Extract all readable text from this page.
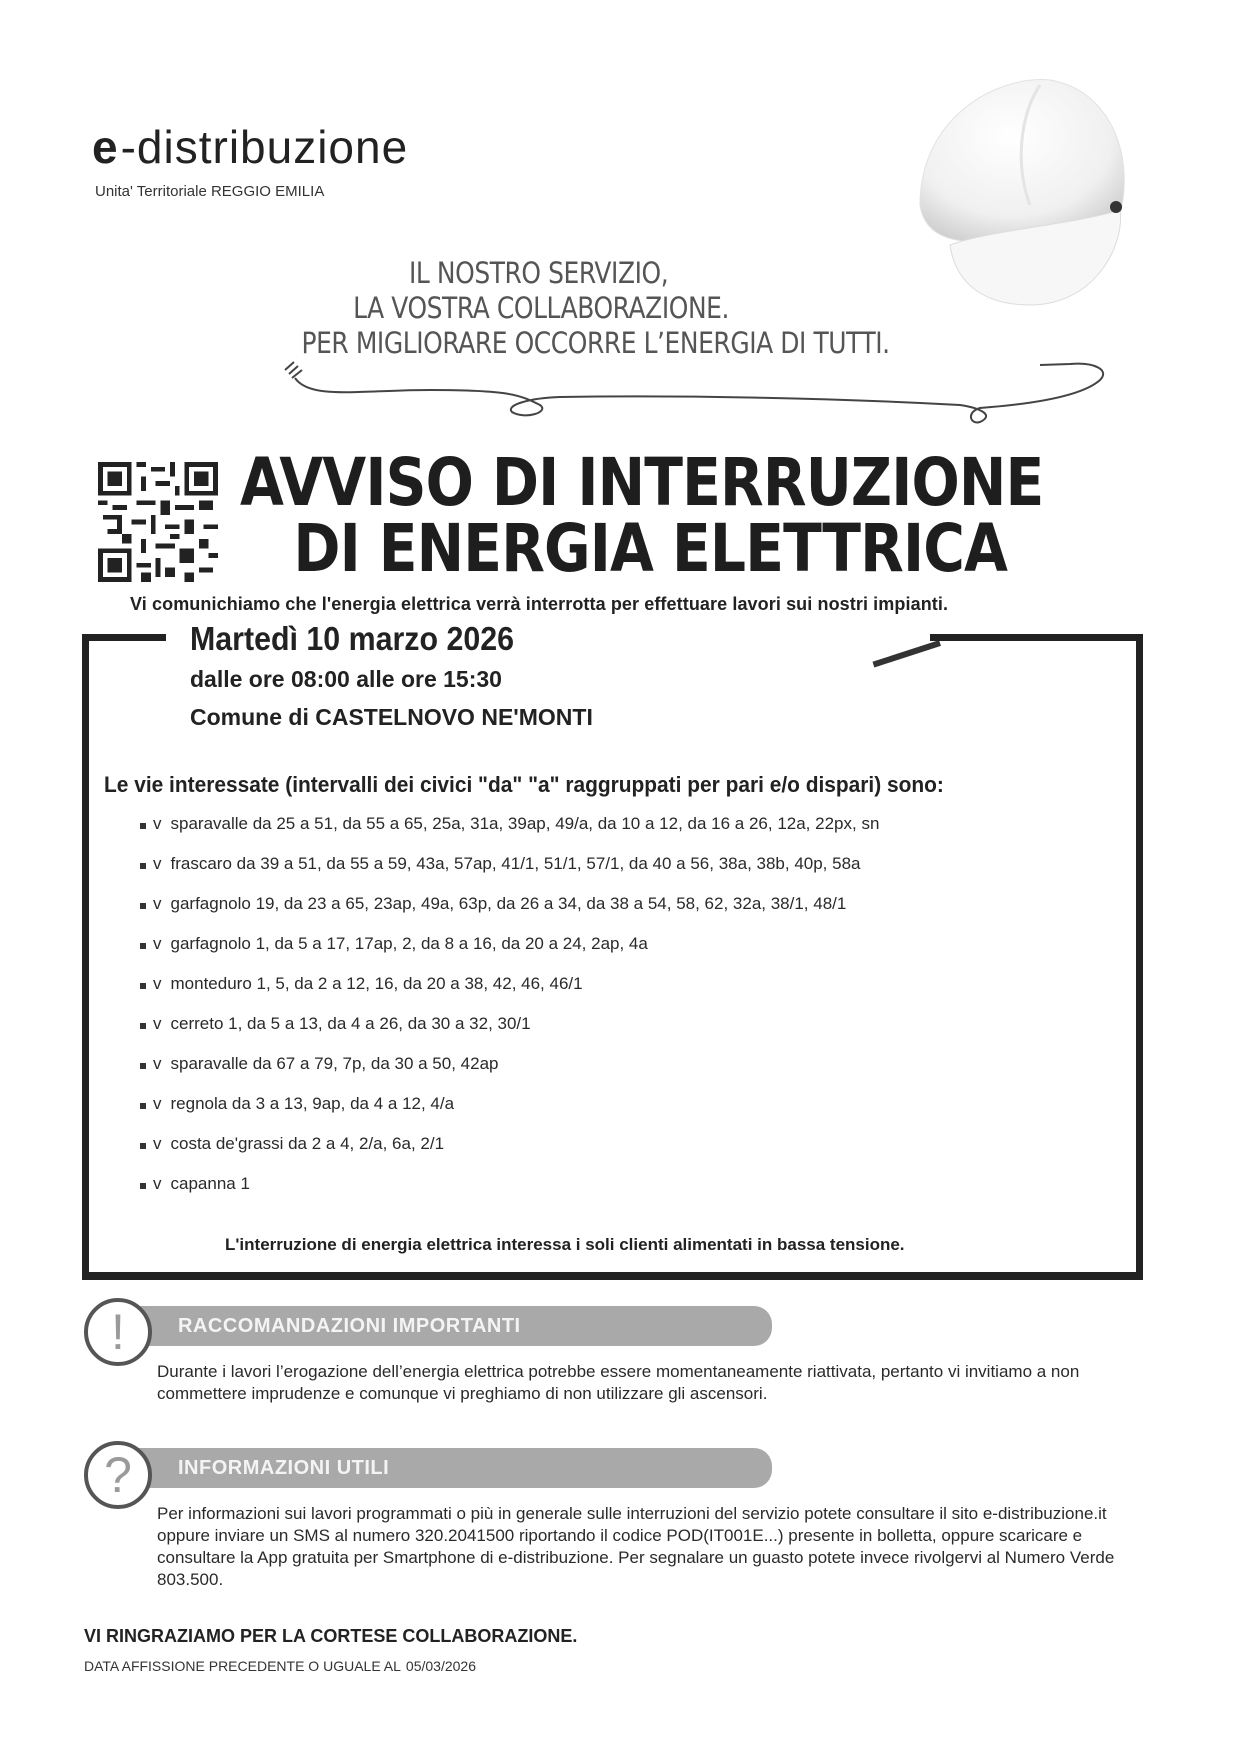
e -distribuzione
Unita' Territoriale REGGIO EMILIA
IL NOSTRO SERVIZIO,
LA VOSTRA COLLABORAZIONE.
PER MIGLIORARE OCCORRE L’ENERGIA DI TUTTI.
AVVISO DI INTERRUZIONE
DI ENERGIA ELETTRICA
Vi comunichiamo che l'energia elettrica verrà interrotta per effettuare lavori sui nostri impianti.
Martedì 10 marzo 2026
dalle ore 08:00 alle ore 15:30
Comune di CASTELNOVO NE'MONTI
Le vie interessate (intervalli dei civici "da" "a" raggruppati per pari e/o dispari) sono:
v sparavalle da 25 a 51, da 55 a 65, 25a, 31a, 39ap, 49/a, da 10 a 12, da 16 a 26, 12a, 22px, sn
v frascaro da 39 a 51, da 55 a 59, 43a, 57ap, 41/1, 51/1, 57/1, da 40 a 56, 38a, 38b, 40p, 58a
v garfagnolo 19, da 23 a 65, 23ap, 49a, 63p, da 26 a 34, da 38 a 54, 58, 62, 32a, 38/1, 48/1
v garfagnolo 1, da 5 a 17, 17ap, 2, da 8 a 16, da 20 a 24, 2ap, 4a
v monteduro 1, 5, da 2 a 12, 16, da 20 a 38, 42, 46, 46/1
v cerreto 1, da 5 a 13, da 4 a 26, da 30 a 32, 30/1
v sparavalle da 67 a 79, 7p, da 30 a 50, 42ap
v regnola da 3 a 13, 9ap, da 4 a 12, 4/a
v costa de'grassi da 2 a 4, 2/a, 6a, 2/1
v capanna 1
L'interruzione di energia elettrica interessa i soli clienti alimentati in bassa tensione.
RACCOMANDAZIONI IMPORTANTI
!
Durante i lavori l’erogazione dell’energia elettrica potrebbe essere momentaneamente riattivata, pertanto vi invitiamo a non commettere imprudenze e comunque vi preghiamo di non utilizzare gli ascensori.
INFORMAZIONI UTILI
?
Per informazioni sui lavori programmati o più in generale sulle interruzioni del servizio potete consultare il sito e-distribuzione.it oppure inviare un SMS al numero 320.2041500 riportando il codice POD(IT001E...) presente in bolletta, oppure scaricare e consultare la App gratuita per Smartphone di e-distribuzione. Per segnalare un guasto potete invece rivolgervi al Numero Verde 803.500.
VI RINGRAZIAMO PER LA CORTESE COLLABORAZIONE.
DATA AFFISSIONE PRECEDENTE O UGUALE AL 05/03/2026
